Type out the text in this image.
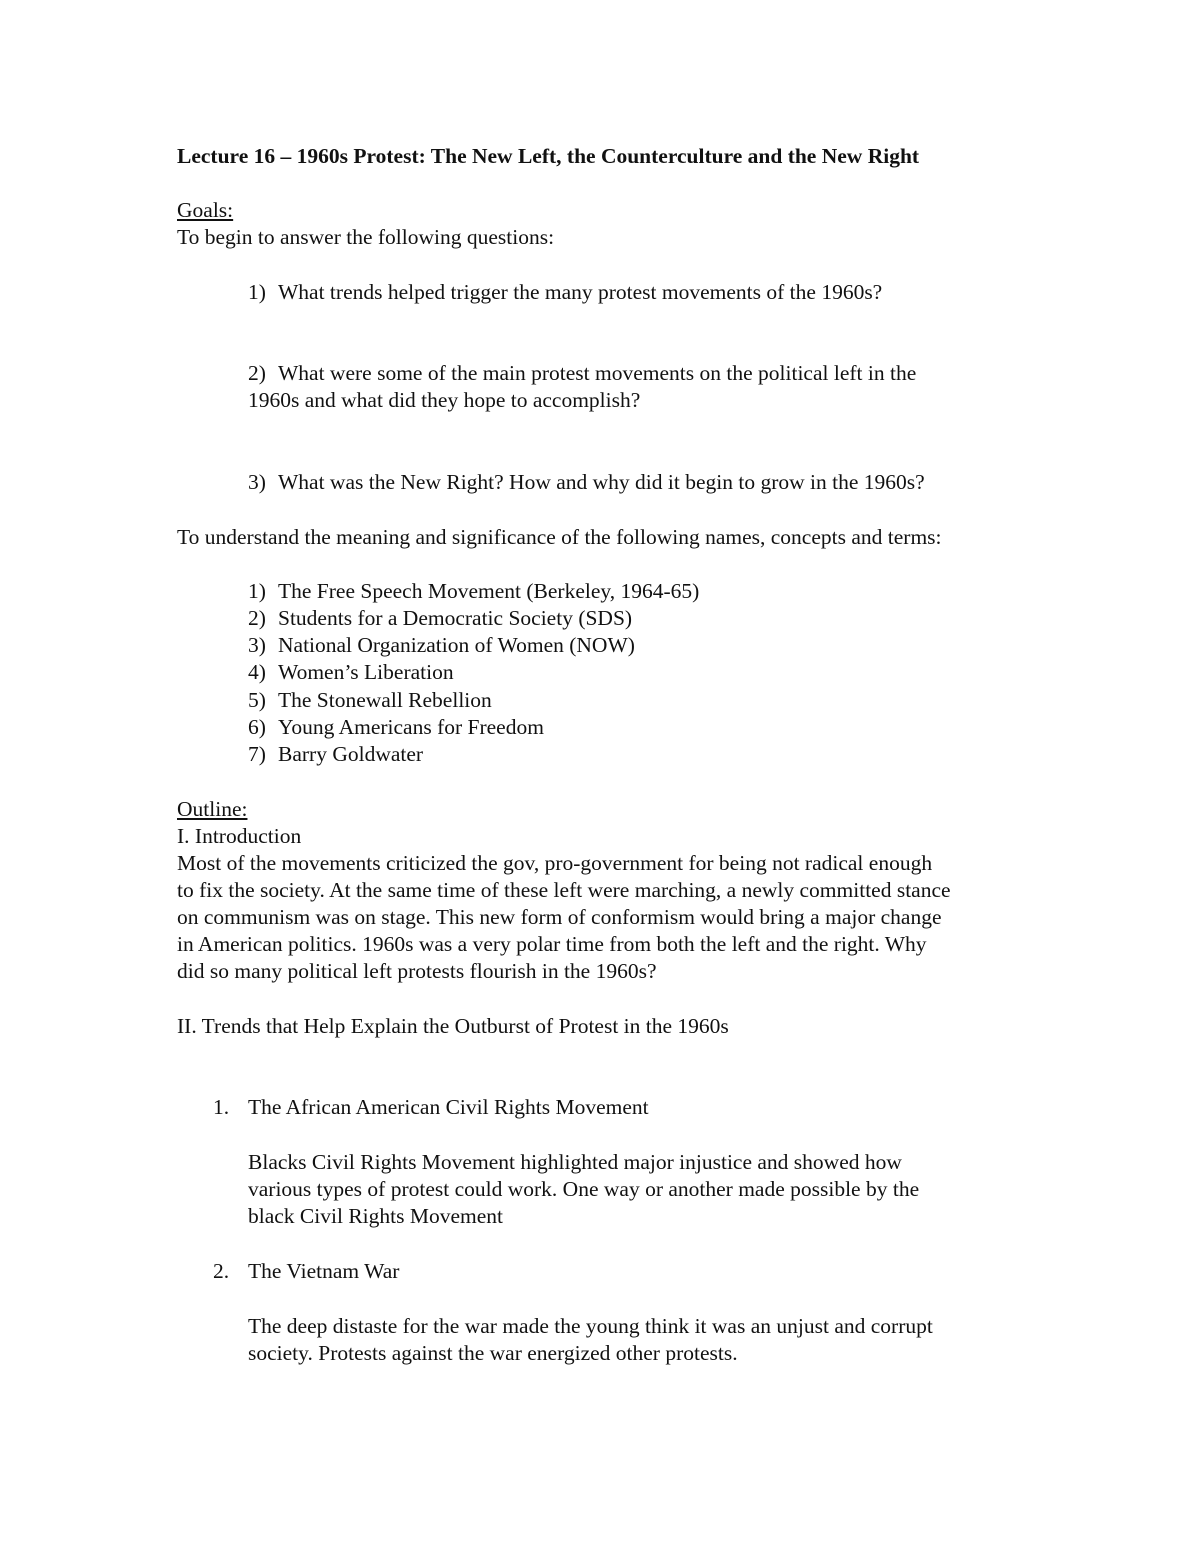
Lecture 16 – 1960s Protest: The New Left, the Counterculture and the New Right

Goals:

To begin to answer the following questions:

1) What trends helped trigger the many protest movements of the 1960s?

2) What were some of the main protest movements on the political left in the

1960s and what did they hope to accomplish?

3) What was the New Right? How and why did it begin to grow in the 1960s?

To understand the meaning and significance of the following names, concepts and terms:

1) The Free Speech Movement (Berkeley, 1964-65)

2) Students for a Democratic Society (SDS)

3) National Organization of Women (NOW)

4) Women’s Liberation

5) The Stonewall Rebellion

6) Young Americans for Freedom

7) Barry Goldwater

Outline:

I. Introduction

Most of the movements criticized the gov, pro-government for being not radical enough

to fix the society. At the same time of these left were marching, a newly committed stance

on communism was on stage. This new form of conformism would bring a major change

in American politics. 1960s was a very polar time from both the left and the right. Why

did so many political left protests flourish in the 1960s?

II. Trends that Help Explain the Outburst of Protest in the 1960s

1. The African American Civil Rights Movement

Blacks Civil Rights Movement highlighted major injustice and showed how

various types of protest could work. One way or another made possible by the

black Civil Rights Movement

2. The Vietnam War

The deep distaste for the war made the young think it was an unjust and corrupt

society. Protests against the war energized other protests.
